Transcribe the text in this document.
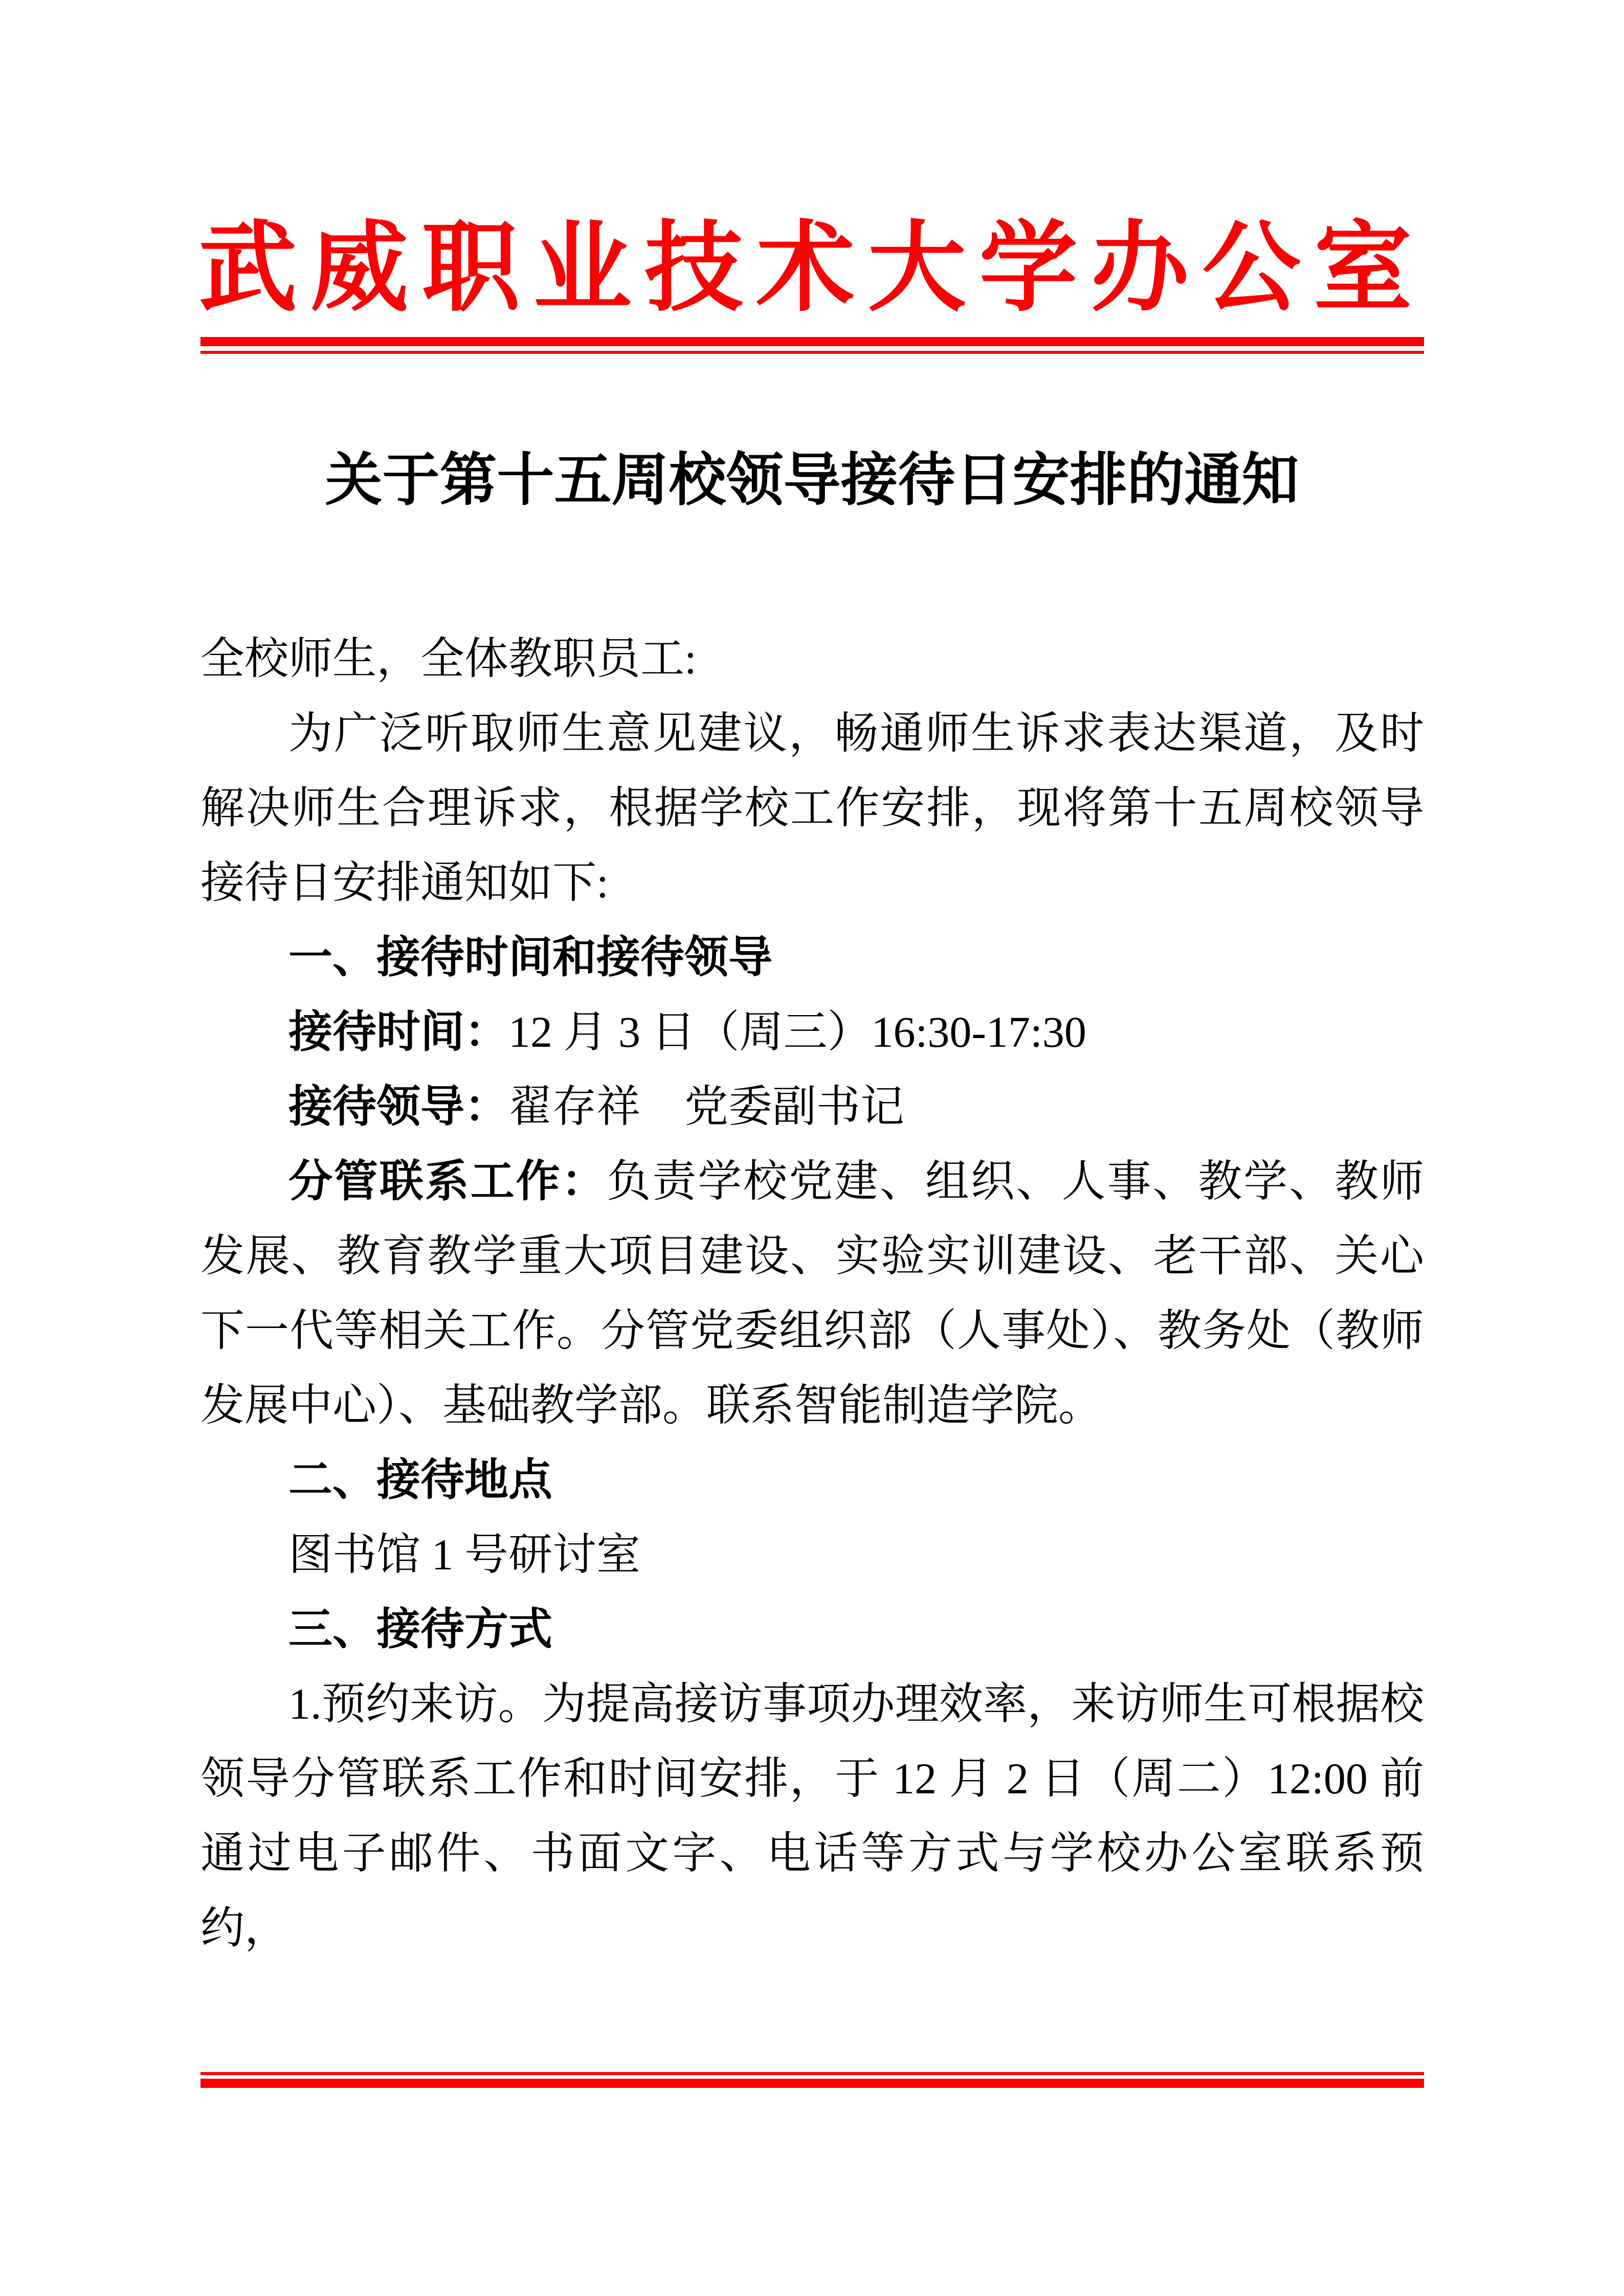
武威职业技术大学办公室
关于第十五周校领导接待日安排的通知

全校师生，全体教职员工:

为广泛听取师生意见建议，畅通师生诉求表达渠道，及时解决师生合理诉求，根据学校工作安排，现将第十五周校领导接待日安排通知如下:

一、接待时间和接待领导

接待时间：12 月 3 日（周三）16:30-17:30

接待领导：翟存祥　党委副书记

分管联系工作：负责学校党建、组织、人事、教学、教师发展、教育教学重大项目建设、实验实训建设、老干部、关心下一代等相关工作。分管党委组织部（人事处）、教务处（教师发展中心）、基础教学部。联系智能制造学院。

二、接待地点

图书馆 1 号研讨室

三、接待方式

1.预约来访。为提高接访事项办理效率，来访师生可根据校领导分管联系工作和时间安排，于 12 月 2 日（周二）12:00 前通过电子邮件、书面文字、电话等方式与学校办公室联系预约，
